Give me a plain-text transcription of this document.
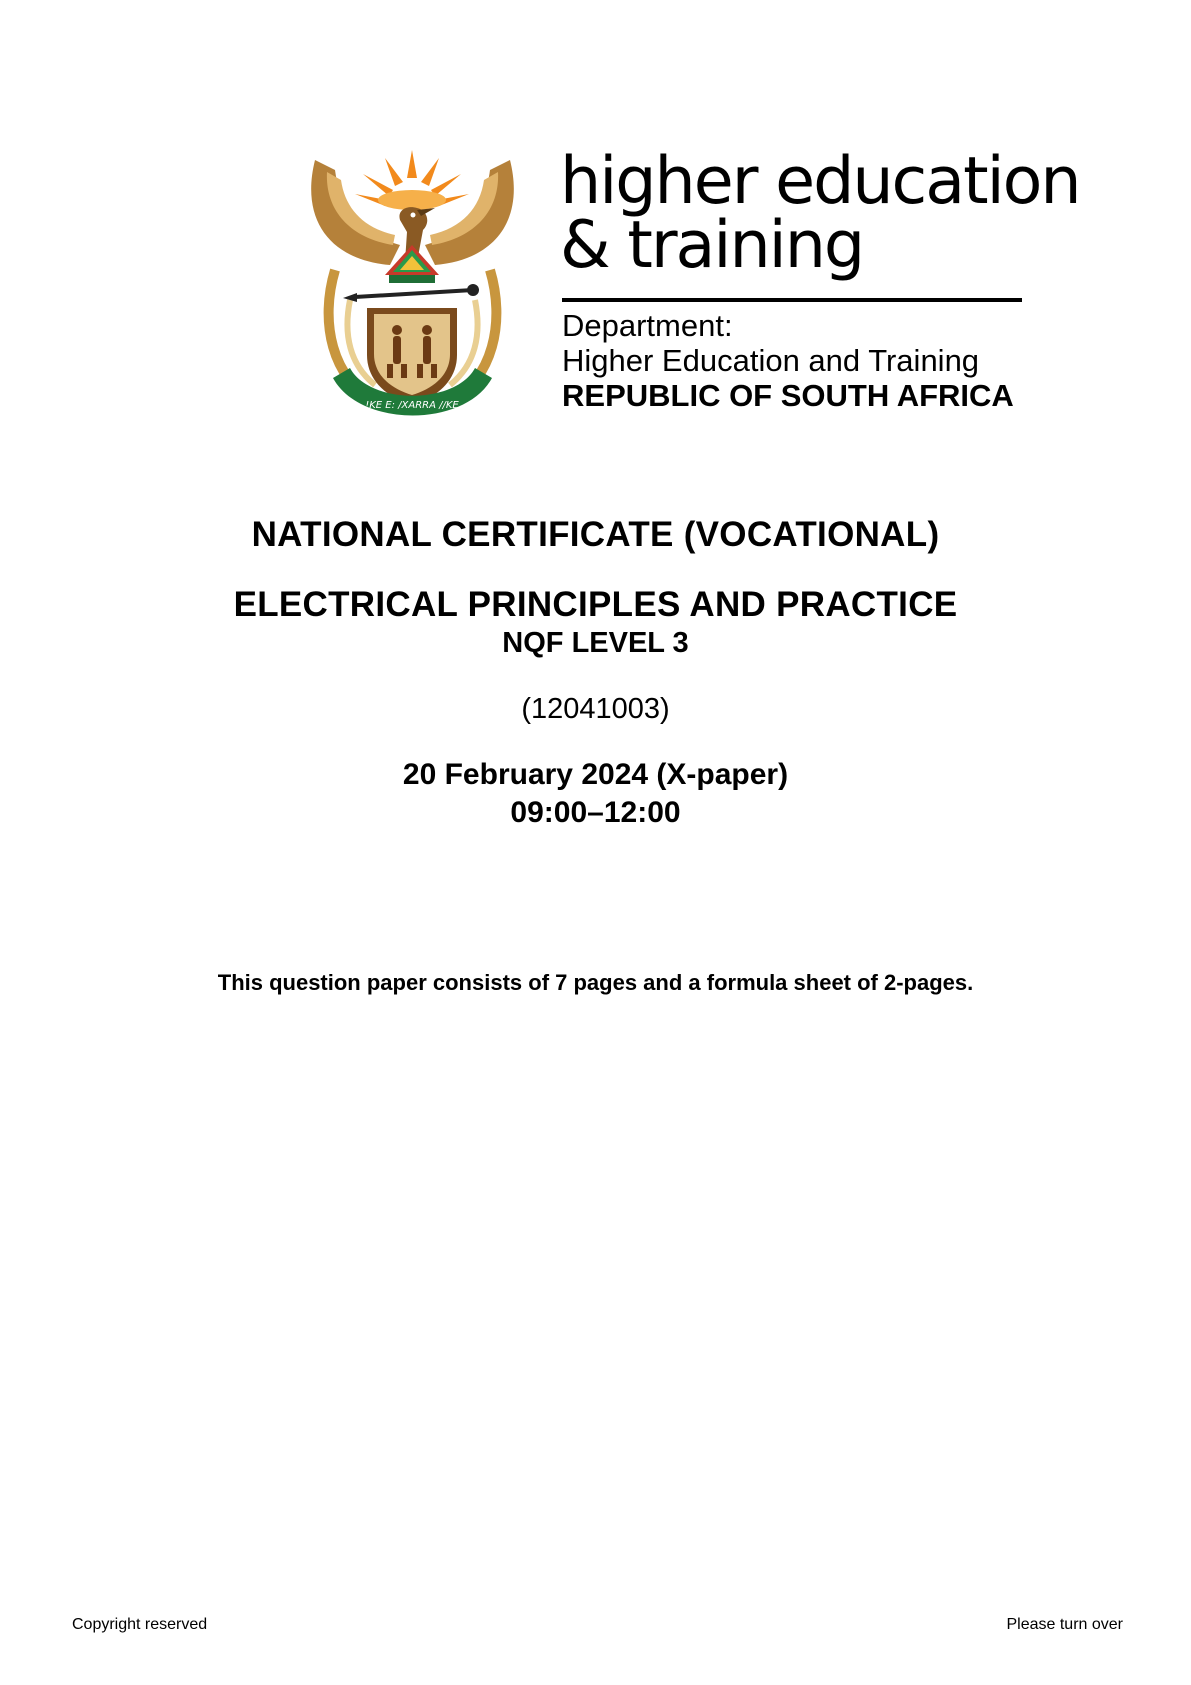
!KE E: /XARRA //KE
higher education
& training
Department:
Higher Education and Training
REPUBLIC OF SOUTH AFRICA
NATIONAL CERTIFICATE (VOCATIONAL)
ELECTRICAL PRINCIPLES AND PRACTICE
NQF LEVEL 3
(12041003)
20 February 2024 (X-paper)
09:00–12:00
This question paper consists of 7 pages and a formula sheet of 2-pages.
Copyright reserved	Please turn over
